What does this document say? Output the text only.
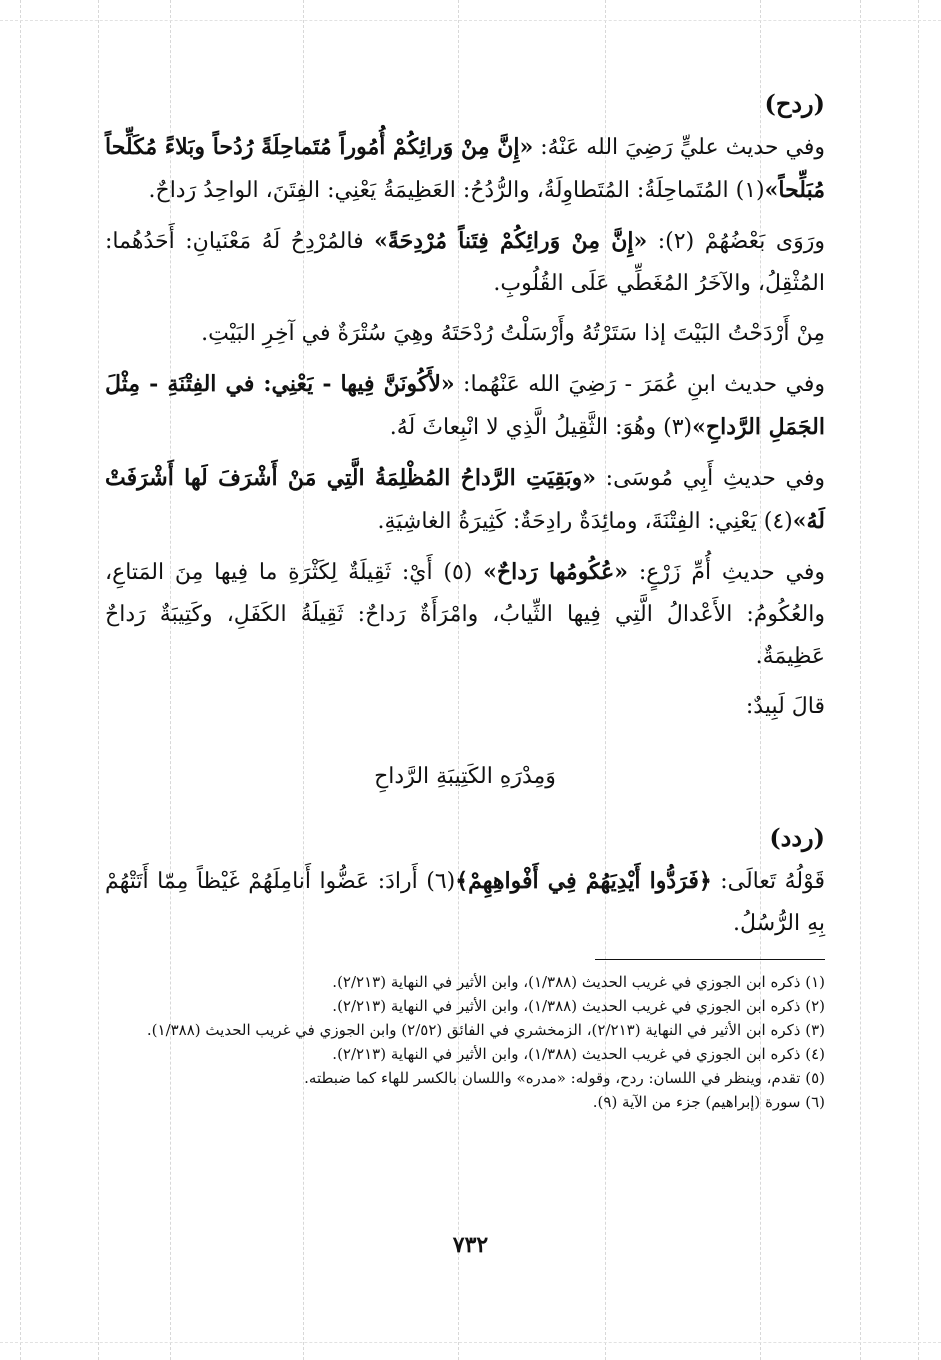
(ردح)

وفي حديث عليٍّ رَضِيَ الله عَنْهُ: «إِنَّ مِنْ وَرائِكُمْ أُمُوراً مُتَماحِلَةً رُدُحاً وبَلاءً مُكَلِّحاً مُبَلِّحاً»(١) المُتَماحِلَةُ: المُتَطاوِلَةُ، والرُّدُحُ: العَظِيمَةُ يَعْنِي: الفِتَنَ، الواحِدُ رَداحٌ.

ورَوَى بَعْضُهُمْ (٢): «إِنَّ مِنْ وَرائِكُمْ فِتَناً مُرْدِحَةً» فالمُرْدِحُ لَهُ مَعْنَيانِ: أَحَدُهُما: المُثْقِلُ، والآخَرُ المُغَطِّي عَلَى القُلُوبِ.

مِنْ أَرْدَحْتُ البَيْتَ إذا سَتَرْتُهُ وأَرْسَلْتُ رُدْحَتَهُ وهِيَ سُتْرَةٌ في آخِرِ البَيْتِ.

وفي حديث ابنِ عُمَرَ - رَضِيَ الله عَنْهُما: «لأَكُونَنَّ فِيها - يَعْنِي: في الفِتْنَةِ - مِثْلَ الجَمَلِ الرَّداحِ»(٣) وهُوَ: الثَّقِيلُ الَّذِي لا انْبِعاثَ لَهُ.

وفي حديثِ أَبِي مُوسَى: «وبَقِيَتِ الرَّداحُ المُظْلِمَةُ الَّتِي مَنْ أَشْرَفَ لَها أَشْرَفَتْ لَهُ»(٤) يَعْنِي: الفِتْنَةَ، ومائِدَةٌ رادِحَةٌ: كَثِيرَةُ الغاشِيَةِ.

وفي حديثِ أُمِّ زَرْعٍ: «عُكُومُها رَداحٌ» (٥) أَيْ: ثَقِيلَةٌ لِكَثْرَةِ ما فِيها مِنَ المَتاعِ، والعُكُومُ: الأَعْدالُ الَّتِي فِيها الثِّيابُ، وامْرَأَةٌ رَداحٌ: ثَقِيلَةُ الكَفَلِ، وكَتِيبَةٌ رَداحٌ عَظِيمَةٌ.

قالَ لَبِيدٌ:

وَمِدْرَهِ الكَتِيبَةِ الرَّداحِ
(ردد)

قَوْلُهُ تَعالَى: ﴿فَرَدُّوا أَيْدِيَهُمْ فِي أَفْواهِهِمْ﴾(٦) أَرادَ: عَضُّوا أَنامِلَهُمْ غَيْظاً مِمّا أَتَتْهُمْ بِهِ الرُّسُلُ.

(١) ذكره ابن الجوزي في غريب الحديث (١/٣٨٨)، وابن الأثير في النهاية (٢/٢١٣).

(٢) ذكره ابن الجوزي في غريب الحديث (١/٣٨٨)، وابن الأثير في النهاية (٢/٢١٣).

(٣) ذكره ابن الأثير في النهاية (٢/٢١٣)، الزمخشري في الفائق (٢/٥٢) وابن الجوزي في غريب الحديث (١/٣٨٨).

(٤) ذكره ابن الجوزي في غريب الحديث (١/٣٨٨)، وابن الأثير في النهاية (٢/٢١٣).

(٥) تقدم، وينظر في اللسان: ردح، وقوله: «مدره» واللسان بالكسر للهاء كما ضبطته.

(٦) سورة (إبراهيم) جزء من الآية (٩).

٧٣٢
